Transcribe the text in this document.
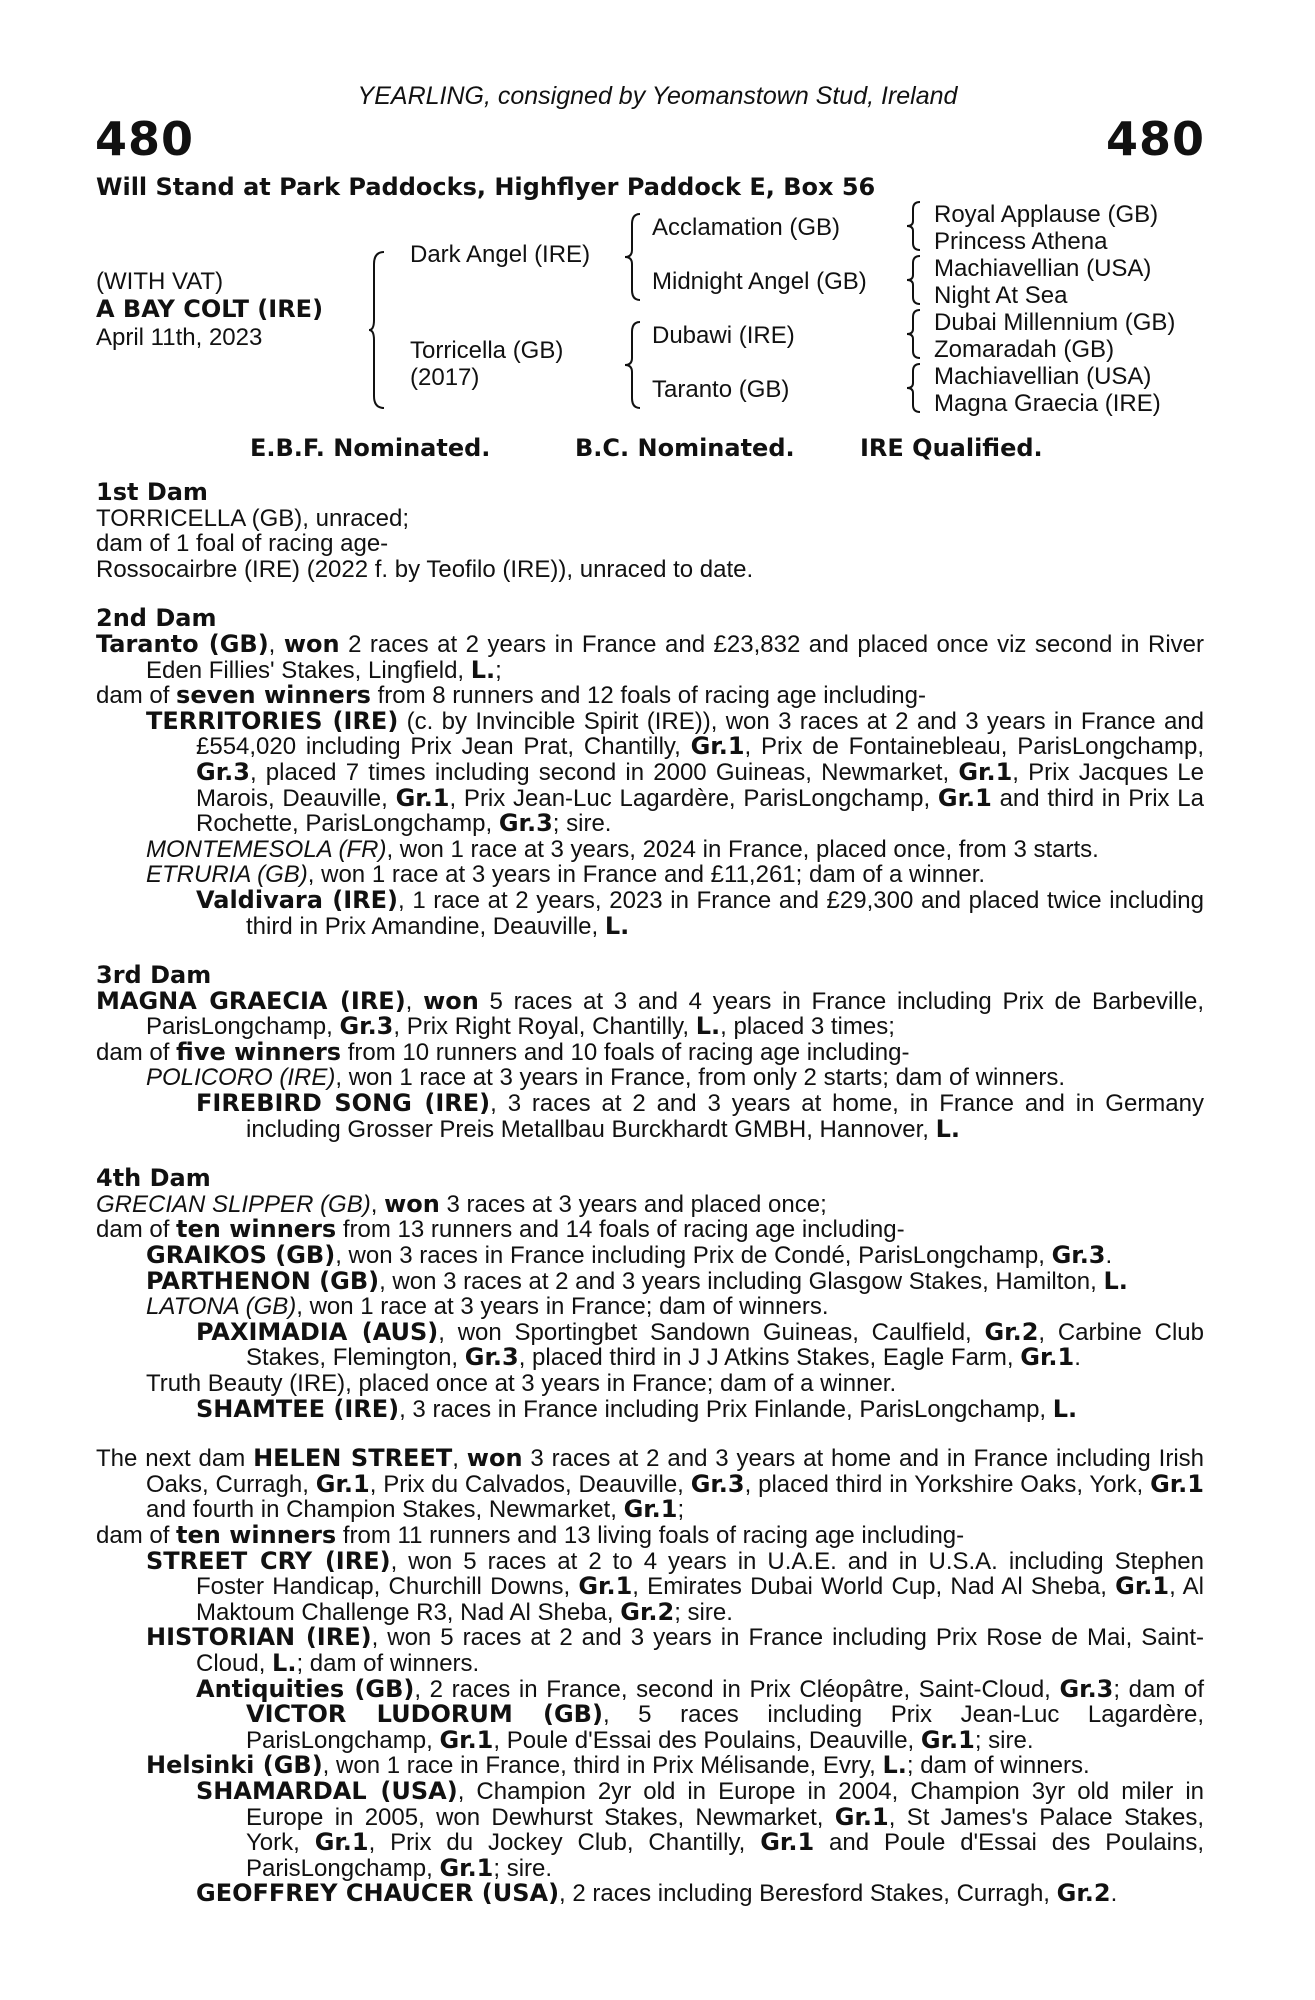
YEARLING, consigned by Yeomanstown Stud, Ireland
480	480
Will Stand at Park Paddocks, Highflyer Paddock E, Box 56
(WITH VAT)
A BAY COLT (IRE)
April 11th, 2023
Dark Angel (IRE)
Torricella (GB)
(2017)
Acclamation (GB)
Midnight Angel (GB)
Dubawi (IRE)
Taranto (GB)
Royal Applause (GB)
Princess Athena
Machiavellian (USA)
Night At Sea
Dubai Millennium (GB)
Zomaradah (GB)
Machiavellian (USA)
Magna Graecia (IRE)
E.B.F. Nominated.	B.C. Nominated.	IRE Qualified.
1st Dam
TORRICELLA (GB), unraced;
dam of 1 foal of racing age-
Rossocairbre (IRE) (2022 f. by Teofilo (IRE)), unraced to date.
2nd Dam
Taranto (GB), won 2 races at 2 years in France and £23,832 and placed once viz second in River Eden Fillies' Stakes, Lingfield, L.;
dam of seven winners from 8 runners and 12 foals of racing age including-
TERRITORIES (IRE) (c. by Invincible Spirit (IRE)), won 3 races at 2 and 3 years in France and £554,020 including Prix Jean Prat, Chantilly, Gr.1, Prix de Fontainebleau, ParisLongchamp, Gr.3, placed 7 times including second in 2000 Guineas, Newmarket, Gr.1, Prix Jacques Le Marois, Deauville, Gr.1, Prix Jean-Luc Lagardère, ParisLongchamp, Gr.1 and third in Prix La Rochette, ParisLongchamp, Gr.3; sire.
MONTEMESOLA (FR), won 1 race at 3 years, 2024 in France, placed once, from 3 starts.
ETRURIA (GB), won 1 race at 3 years in France and £11,261; dam of a winner.
Valdivara (IRE), 1 race at 2 years, 2023 in France and £29,300 and placed twice including third in Prix Amandine, Deauville, L.
3rd Dam
MAGNA GRAECIA (IRE), won 5 races at 3 and 4 years in France including Prix de Barbeville, ParisLongchamp, Gr.3, Prix Right Royal, Chantilly, L., placed 3 times;
dam of five winners from 10 runners and 10 foals of racing age including-
POLICORO (IRE), won 1 race at 3 years in France, from only 2 starts; dam of winners.
FIREBIRD SONG (IRE), 3 races at 2 and 3 years at home, in France and in Germany including Grosser Preis Metallbau Burckhardt GMBH, Hannover, L.
4th Dam
GRECIAN SLIPPER (GB), won 3 races at 3 years and placed once;
dam of ten winners from 13 runners and 14 foals of racing age including-
GRAIKOS (GB), won 3 races in France including Prix de Condé, ParisLongchamp, Gr.3.
PARTHENON (GB), won 3 races at 2 and 3 years including Glasgow Stakes, Hamilton, L.
LATONA (GB), won 1 race at 3 years in France; dam of winners.
PAXIMADIA (AUS), won Sportingbet Sandown Guineas, Caulfield, Gr.2, Carbine Club Stakes, Flemington, Gr.3, placed third in J J Atkins Stakes, Eagle Farm, Gr.1.
Truth Beauty (IRE), placed once at 3 years in France; dam of a winner.
SHAMTEE (IRE), 3 races in France including Prix Finlande, ParisLongchamp, L.
The next dam HELEN STREET, won 3 races at 2 and 3 years at home and in France including Irish Oaks, Curragh, Gr.1, Prix du Calvados, Deauville, Gr.3, placed third in Yorkshire Oaks, York, Gr.1 and fourth in Champion Stakes, Newmarket, Gr.1;
dam of ten winners from 11 runners and 13 living foals of racing age including-
STREET CRY (IRE), won 5 races at 2 to 4 years in U.A.E. and in U.S.A. including Stephen Foster Handicap, Churchill Downs, Gr.1, Emirates Dubai World Cup, Nad Al Sheba, Gr.1, Al Maktoum Challenge R3, Nad Al Sheba, Gr.2; sire.
HISTORIAN (IRE), won 5 races at 2 and 3 years in France including Prix Rose de Mai, Saint-Cloud, L.; dam of winners.
Antiquities (GB), 2 races in France, second in Prix Cléopâtre, Saint-Cloud, Gr.3; dam of VICTOR LUDORUM (GB), 5 races including Prix Jean-Luc Lagardère, ParisLongchamp, Gr.1, Poule d'Essai des Poulains, Deauville, Gr.1; sire.
Helsinki (GB), won 1 race in France, third in Prix Mélisande, Evry, L.; dam of winners.
SHAMARDAL (USA), Champion 2yr old in Europe in 2004, Champion 3yr old miler in Europe in 2005, won Dewhurst Stakes, Newmarket, Gr.1, St James's Palace Stakes, York, Gr.1, Prix du Jockey Club, Chantilly, Gr.1 and Poule d'Essai des Poulains, ParisLongchamp, Gr.1; sire.
GEOFFREY CHAUCER (USA), 2 races including Beresford Stakes, Curragh, Gr.2.
